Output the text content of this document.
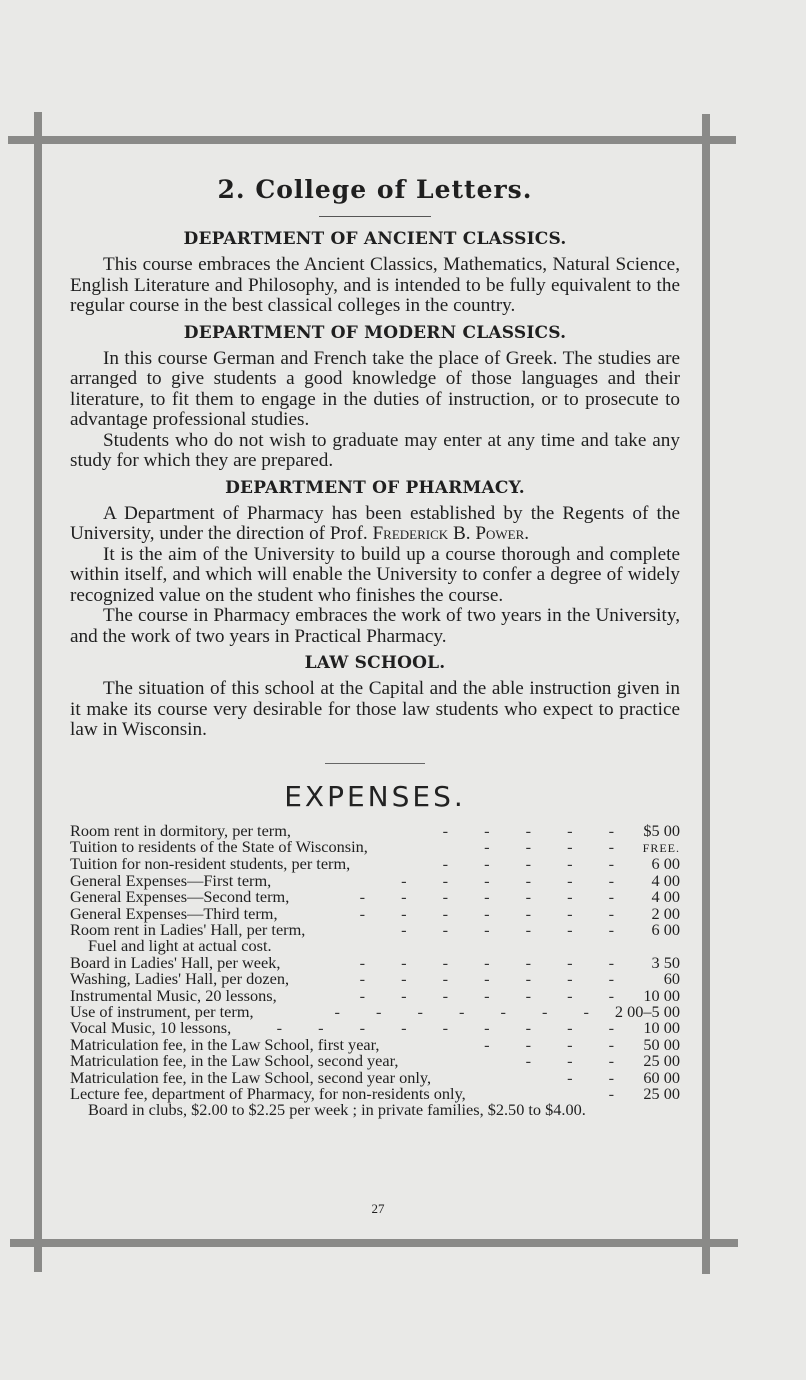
2. College of Letters.
DEPARTMENT OF ANCIENT CLASSICS.

This course embraces the Ancient Classics, Mathematics, Natural Science, English Literature and Philosophy, and is intended to be fully equivalent to the regular course in the best classical colleges in the country.

DEPARTMENT OF MODERN CLASSICS.

In this course German and French take the place of Greek. The studies are arranged to give students a good knowledge of those languages and their literature, to fit them to engage in the duties of instruction, or to prosecute to advantage professional studies.

Students who do not wish to graduate may enter at any time and take any study for which they are prepared.

DEPARTMENT OF PHARMACY.

A Department of Pharmacy has been established by the Regents of the University, under the direction of Prof. Frederick B. Power.

It is the aim of the University to build up a course thorough and complete within itself, and which will enable the University to confer a degree of widely recognized value on the student who finishes the course.

The course in Pharmacy embraces the work of two years in the University, and the work of two years in Practical Pharmacy.

LAW SCHOOL.

The situation of this school at the Capital and the able instruction given in it make its course very desirable for those law students who expect to practice law in Wisconsin.

EXPENSES.
Room rent in dormitory, per term,	- - - - - $5 00
Tuition to residents of the State of Wisconsin,	- - - -	FREE.
Tuition for non-resident students, per term,	- - - - -	6 00
General Expenses—First term,	- - - - - -	4 00
General Expenses—Second term,	- - - - - - -	4 00
General Expenses—Third term,	- - - - - - -	2 00
Room rent in Ladies' Hall, per term,	- - - - - -	6 00
Fuel and light at actual cost.
Board in Ladies' Hall, per week,	- - - - - - -	3 50
Washing, Ladies' Hall, per dozen,	- - - - - - -	60
Instrumental Music, 20 lessons,	- - - - - - - 10 00
Use of instrument, per term,	- - - - - - - 2 00–5 00
Vocal Music, 10 lessons,	- - - - - - - - - 10 00
Matriculation fee, in the Law School, first year,	- - - - 50 00
Matriculation fee, in the Law School, second year,	- - - 25 00
Matriculation fee, in the Law School, second year only,	- - 60 00
Lecture fee, department of Pharmacy, for non-residents only,	- 25 00
Board in clubs, $2.00 to $2.25 per week ; in private families, $2.50 to $4.00.
27
